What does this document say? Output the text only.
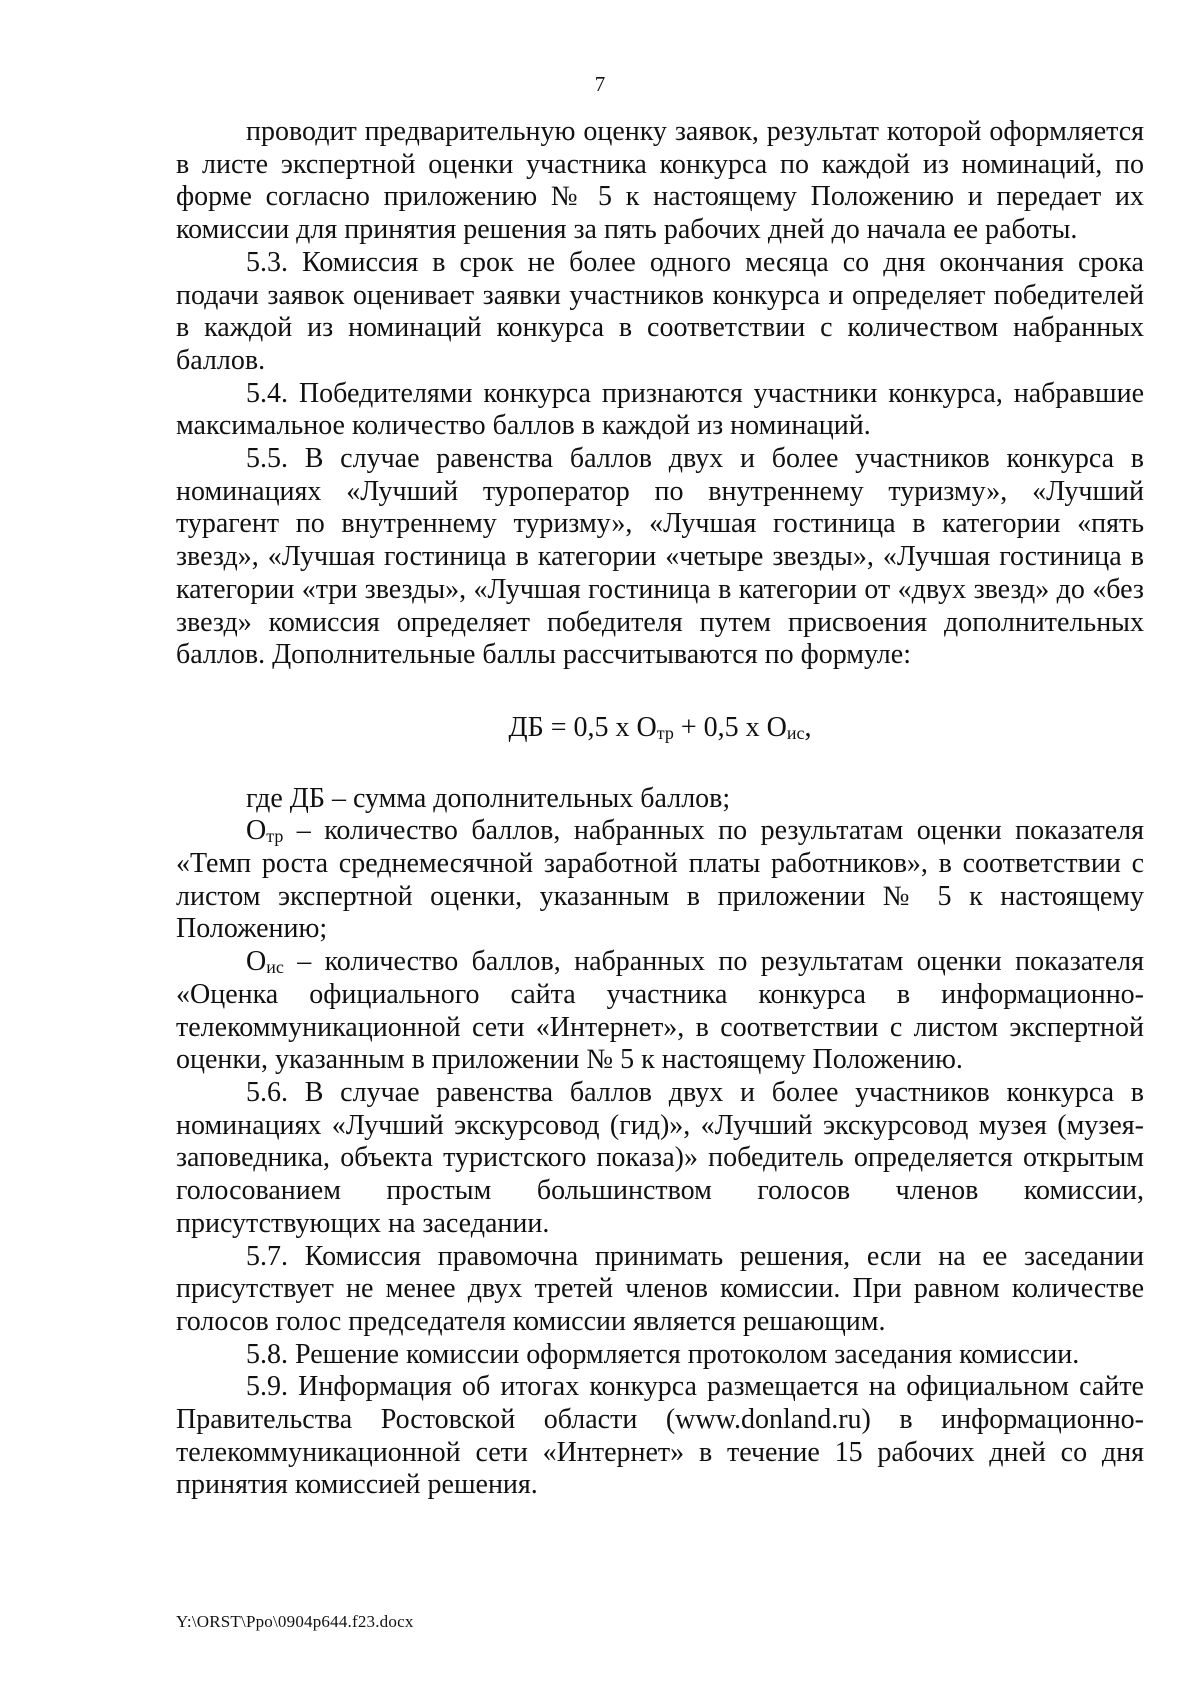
7

проводит предварительную оценку заявок, результат которой оформляется в листе экспертной оценки участника конкурса по каждой из номинаций, по форме согласно приложению № 5 к настоящему Положению и передает их комиссии для принятия решения за пять рабочих дней до начала ее работы.

5.3. Комиссия в срок не более одного месяца со дня окончания срока подачи заявок оценивает заявки участников конкурса и определяет победителей в каждой из номинаций конкурса в соответствии с количеством набранных баллов.

5.4. Победителями конкурса признаются участники конкурса, набравшие максимальное количество баллов в каждой из номинаций.

5.5. В случае равенства баллов двух и более участников конкурса в номинациях «Лучший туроператор по внутреннему туризму», «Лучший турагент по внутреннему туризму», «Лучшая гостиница в категории «пять звезд», «Лучшая гостиница в категории «четыре звезды», «Лучшая гостиница в категории «три звезды», «Лучшая гостиница в категории от «двух звезд» до «без звезд» комиссия определяет победителя путем присвоения дополнительных баллов. Дополнительные баллы рассчитываются по формуле:

ДБ = 0,5 х $О_{тр} + 0,5$ х $О_{ис}$,

где ДБ – сумма дополнительных баллов;

$О_{тр}$ – количество баллов, набранных по результатам оценки показателя «Темп роста среднемесячной заработной платы работников», в соответствии с листом экспертной оценки, указанным в приложении № 5 к настоящему Положению;

$О_{ис}$ – количество баллов, набранных по результатам оценки показателя «Оценка официального сайта участника конкурса в информационно-телекоммуникационной сети «Интернет», в соответствии с листом экспертной оценки, указанным в приложении № 5 к настоящему Положению.

5.6. В случае равенства баллов двух и более участников конкурса в номинациях «Лучший экскурсовод (гид)», «Лучший экскурсовод музея (музея-заповедника, объекта туристского показа)» победитель определяется открытым голосованием простым большинством голосов членов комиссии, присутствующих на заседании.

5.7. Комиссия правомочна принимать решения, если на ее заседании присутствует не менее двух третей членов комиссии. При равном количестве голосов голос председателя комиссии является решающим.

5.8. Решение комиссии оформляется протоколом заседания комиссии.

5.9. Информация об итогах конкурса размещается на официальном сайте Правительства Ростовской области (www.donland.ru) в информационно-телекоммуникационной сети «Интернет» в течение 15 рабочих дней со дня принятия комиссией решения.

Y:\ORST\Ppo\0904p644.f23.docx
